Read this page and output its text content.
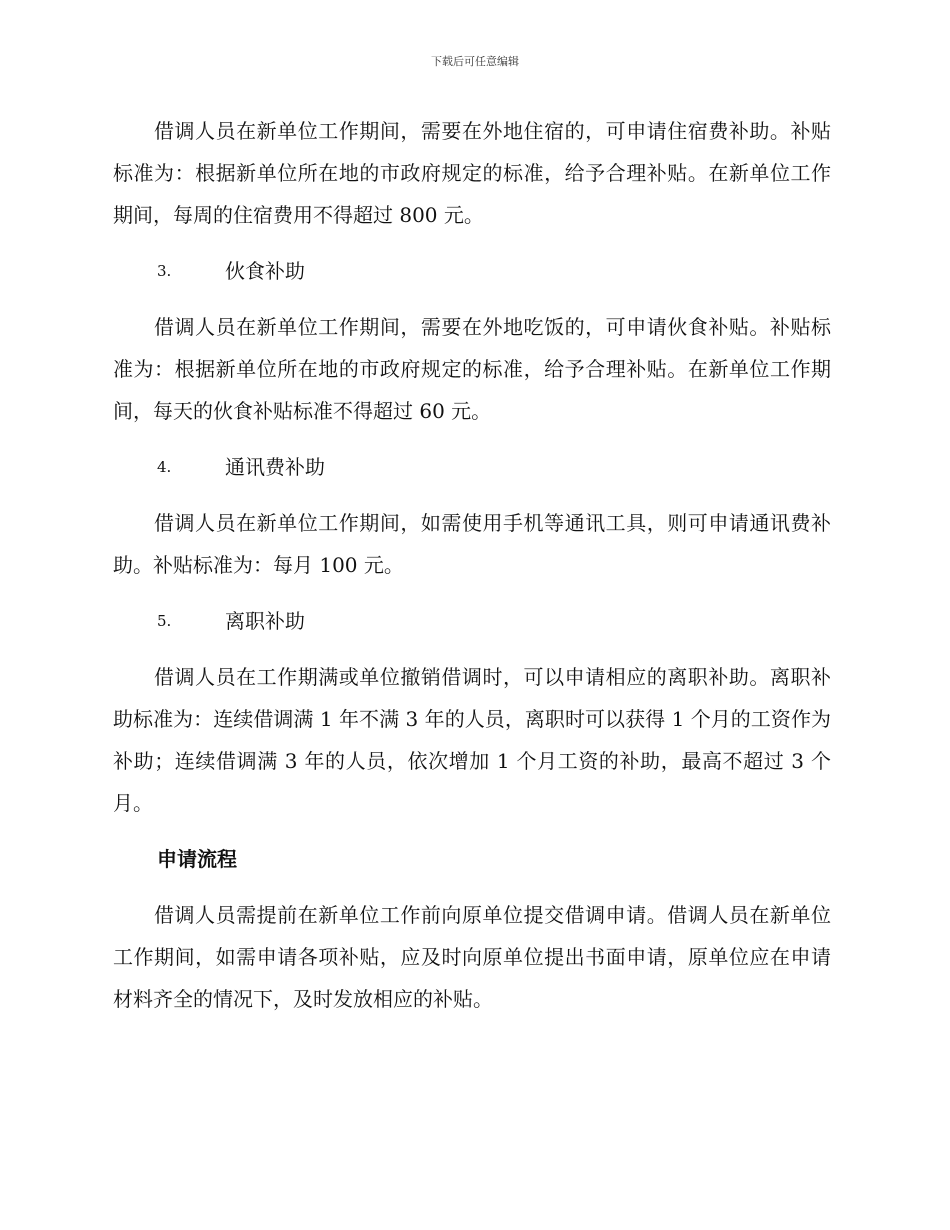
下载后可任意编辑

借调人员在新单位工作期间，需要在外地住宿的，可申请住宿费补助。补贴标准为：根据新单位所在地的市政府规定的标准，给予合理补贴。在新单位工作期间，每周的住宿费用不得超过 800 元。

3.	伙食补助

借调人员在新单位工作期间，需要在外地吃饭的，可申请伙食补贴。补贴标准为：根据新单位所在地的市政府规定的标准，给予合理补贴。在新单位工作期间，每天的伙食补贴标准不得超过 60 元。

4.	通讯费补助

借调人员在新单位工作期间，如需使用手机等通讯工具，则可申请通讯费补助。补贴标准为：每月 100 元。

5.	离职补助

借调人员在工作期满或单位撤销借调时，可以申请相应的离职补助。离职补助标准为：连续借调满 1 年不满 3 年的人员，离职时可以获得 1 个月的工资作为补助；连续借调满 3 年的人员，依次增加 1 个月工资的补助，最高不超过 3 个月。

申请流程

借调人员需提前在新单位工作前向原单位提交借调申请。借调人员在新单位工作期间，如需申请各项补贴，应及时向原单位提出书面申请，原单位应在申请材料齐全的情况下，及时发放相应的补贴。
